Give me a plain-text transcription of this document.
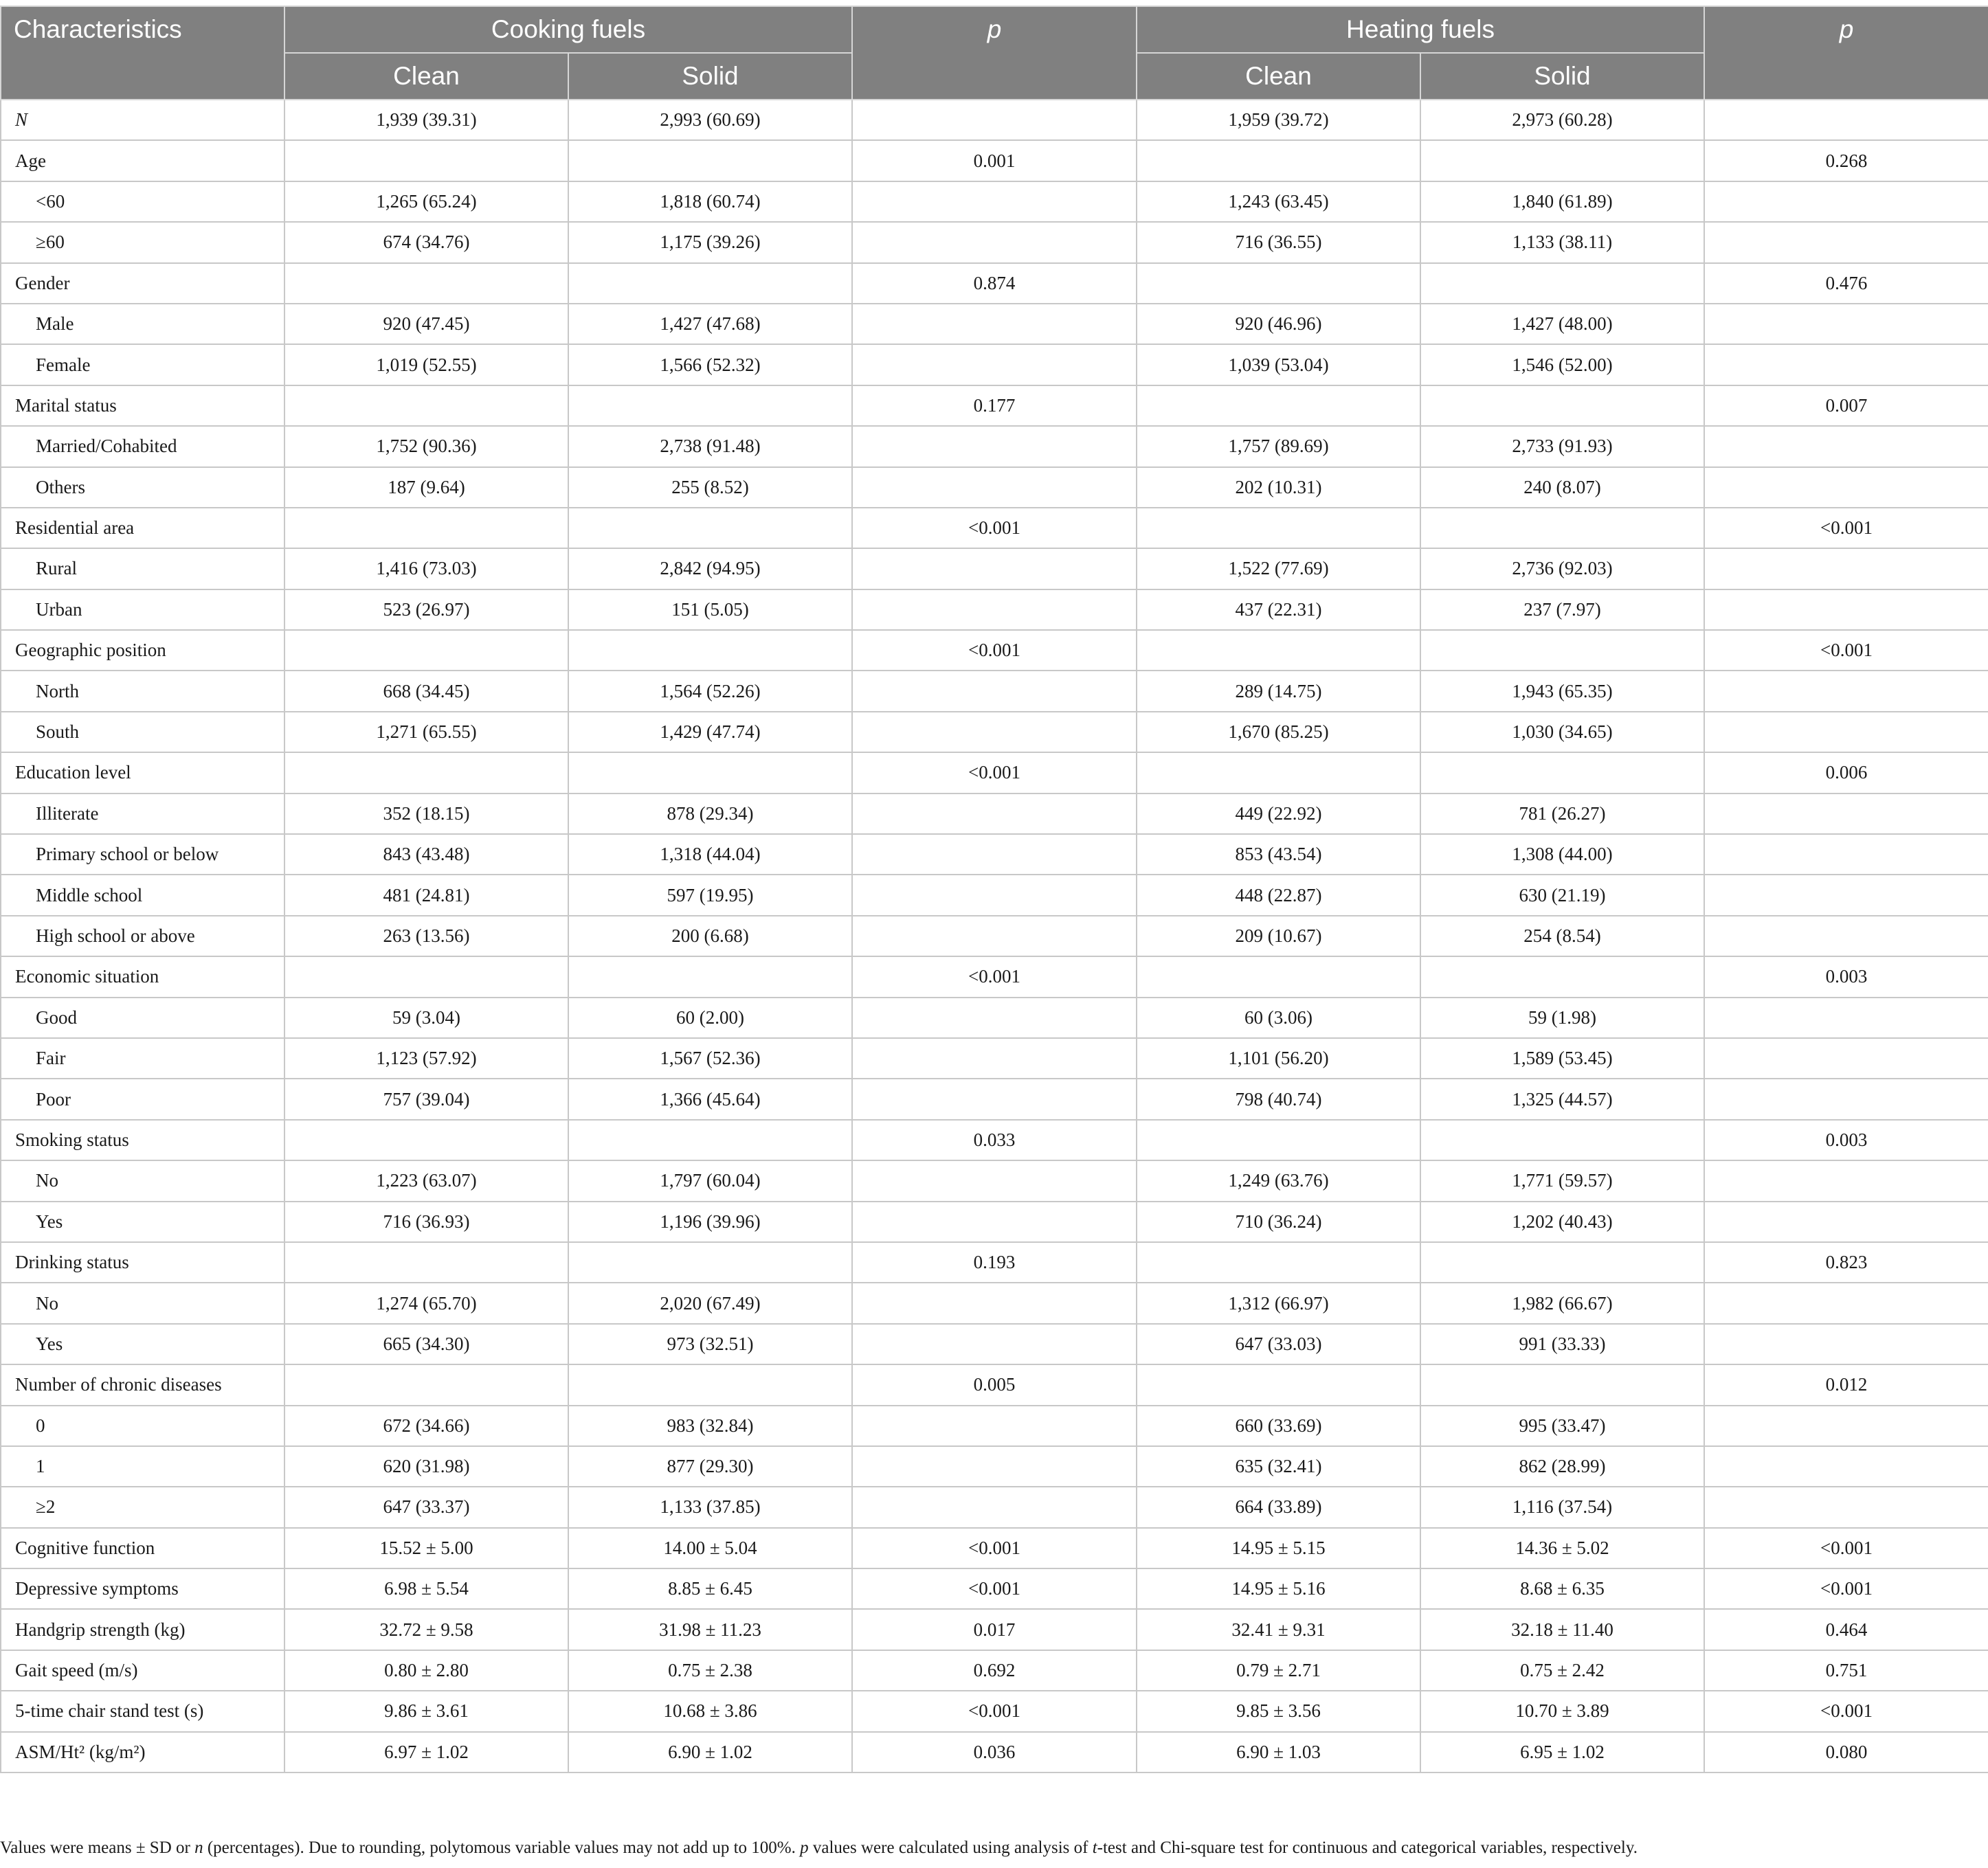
Characteristics	Cooking fuels		p	Heating fuels		p
	Clean	Solid		Clean	Solid	
N	1,939 (39.31)	2,993 (60.69)		1,959 (39.72)	2,973 (60.28)	
Age			0.001			0.268
<60	1,265 (65.24)	1,818 (60.74)		1,243 (63.45)	1,840 (61.89)	
≥60	674 (34.76)	1,175 (39.26)		716 (36.55)	1,133 (38.11)	
Gender			0.874			0.476
Male	920 (47.45)	1,427 (47.68)		920 (46.96)	1,427 (48.00)	
Female	1,019 (52.55)	1,566 (52.32)		1,039 (53.04)	1,546 (52.00)	
Marital status			0.177			0.007
Married/Cohabited	1,752 (90.36)	2,738 (91.48)		1,757 (89.69)	2,733 (91.93)	
Others	187 (9.64)	255 (8.52)		202 (10.31)	240 (8.07)	
Residential area			<0.001			<0.001
Rural	1,416 (73.03)	2,842 (94.95)		1,522 (77.69)	2,736 (92.03)	
Urban	523 (26.97)	151 (5.05)		437 (22.31)	237 (7.97)	
Geographic position			<0.001			<0.001
North	668 (34.45)	1,564 (52.26)		289 (14.75)	1,943 (65.35)	
South	1,271 (65.55)	1,429 (47.74)		1,670 (85.25)	1,030 (34.65)	
Education level			<0.001			0.006
Illiterate	352 (18.15)	878 (29.34)		449 (22.92)	781 (26.27)	
Primary school or below	843 (43.48)	1,318 (44.04)		853 (43.54)	1,308 (44.00)	
Middle school	481 (24.81)	597 (19.95)		448 (22.87)	630 (21.19)	
High school or above	263 (13.56)	200 (6.68)		209 (10.67)	254 (8.54)	
Economic situation			<0.001			0.003
Good	59 (3.04)	60 (2.00)		60 (3.06)	59 (1.98)	
Fair	1,123 (57.92)	1,567 (52.36)		1,101 (56.20)	1,589 (53.45)	
Poor	757 (39.04)	1,366 (45.64)		798 (40.74)	1,325 (44.57)	
Smoking status			0.033			0.003
No	1,223 (63.07)	1,797 (60.04)		1,249 (63.76)	1,771 (59.57)	
Yes	716 (36.93)	1,196 (39.96)		710 (36.24)	1,202 (40.43)	
Drinking status			0.193			0.823
No	1,274 (65.70)	2,020 (67.49)		1,312 (66.97)	1,982 (66.67)	
Yes	665 (34.30)	973 (32.51)		647 (33.03)	991 (33.33)	
Number of chronic diseases			0.005			0.012
0	672 (34.66)	983 (32.84)		660 (33.69)	995 (33.47)	
1	620 (31.98)	877 (29.30)		635 (32.41)	862 (28.99)	
≥2	647 (33.37)	1,133 (37.85)		664 (33.89)	1,116 (37.54)	
Cognitive function	15.52 ± 5.00	14.00 ± 5.04	<0.001	14.95 ± 5.15	14.36 ± 5.02	<0.001
Depressive symptoms	6.98 ± 5.54	8.85 ± 6.45	<0.001	14.95 ± 5.16	8.68 ± 6.35	<0.001
Handgrip strength (kg)	32.72 ± 9.58	31.98 ± 11.23	0.017	32.41 ± 9.31	32.18 ± 11.40	0.464
Gait speed (m/s)	0.80 ± 2.80	0.75 ± 2.38	0.692	0.79 ± 2.71	0.75 ± 2.42	0.751
5-time chair stand test (s)	9.86 ± 3.61	10.68 ± 3.86	<0.001	9.85 ± 3.56	10.70 ± 3.89	<0.001
ASM/Ht² (kg/m²)	6.97 ± 1.02	6.90 ± 1.02	0.036	6.90 ± 1.03	6.95 ± 1.02	0.080
Values were means ± SD or n (percentages). Due to rounding, polytomous variable values may not add up to 100%. p values were calculated using analysis of t-test and Chi-square test for continuous and categorical variables, respectively.
